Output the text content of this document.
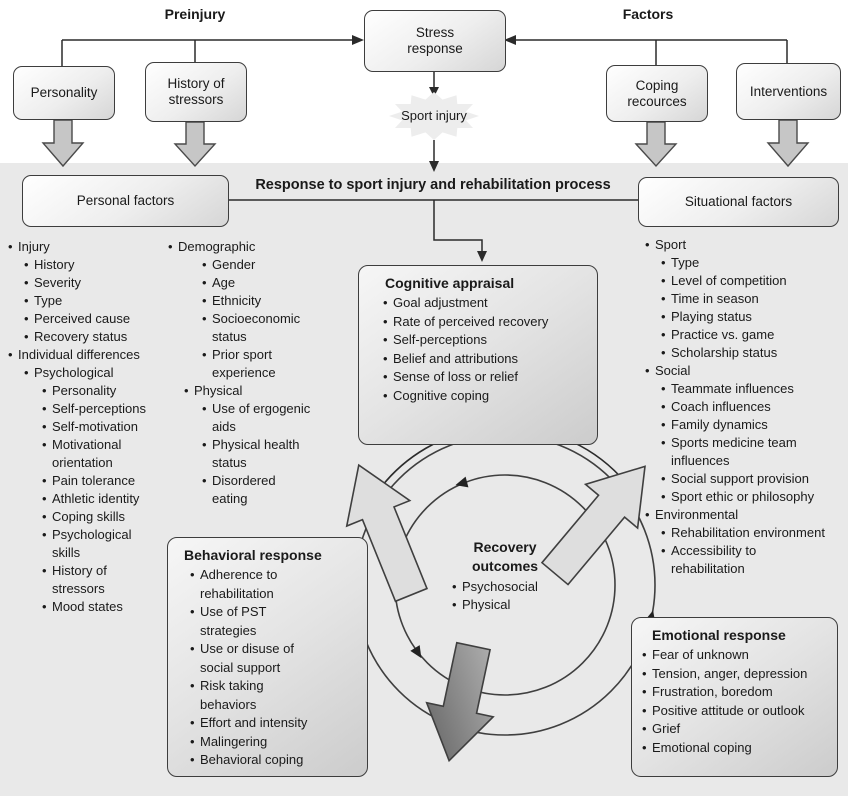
Preinjury	Factors
Stress response
Sport injury
Personality
History of stressors
Coping recources
Interventions
Response to sport injury and rehabilitation process
Personal factors	Situational factors
• Injury
• History
• Severity
• Type
• Perceived cause
• Recovery status
• Individual differences
• Psychological
• Personality
• Self-perceptions
• Self-motivation
• Motivational orientation
• Pain tolerance
• Athletic identity
• Coping skills
• Psychological skills
• History of stressors
• Mood states
• Demographic
• Gender
• Age
• Ethnicity
• Socioeconomic status
• Prior sport experience
• Physical
• Use of ergogenic aids
• Physical health status
• Disordered eating
• Sport
• Type
• Level of competition
• Time in season
• Playing status
• Practice vs. game
• Scholarship status
• Social
• Teammate influences
• Coach influences
• Family dynamics
• Sports medicine team influences
• Social support provision
• Sport ethic or philosophy
• Environmental
• Rehabilitation environment
• Accessibility to rehabilitation
Cognitive appraisal
• Goal adjustment
• Rate of perceived recovery
• Self-perceptions
• Belief and attributions
• Sense of loss or relief
• Cognitive coping
Behavioral response
• Adherence to rehabilitation
• Use of PST strategies
• Use or disuse of social support
• Risk taking behaviors
• Effort and intensity
• Malingering
• Behavioral coping
Emotional response
• Fear of unknown
• Tension, anger, depression
• Frustration, boredom
• Positive attitude or outlook
• Grief
• Emotional coping
Recovery outcomes
• Psychosocial
• Physical
